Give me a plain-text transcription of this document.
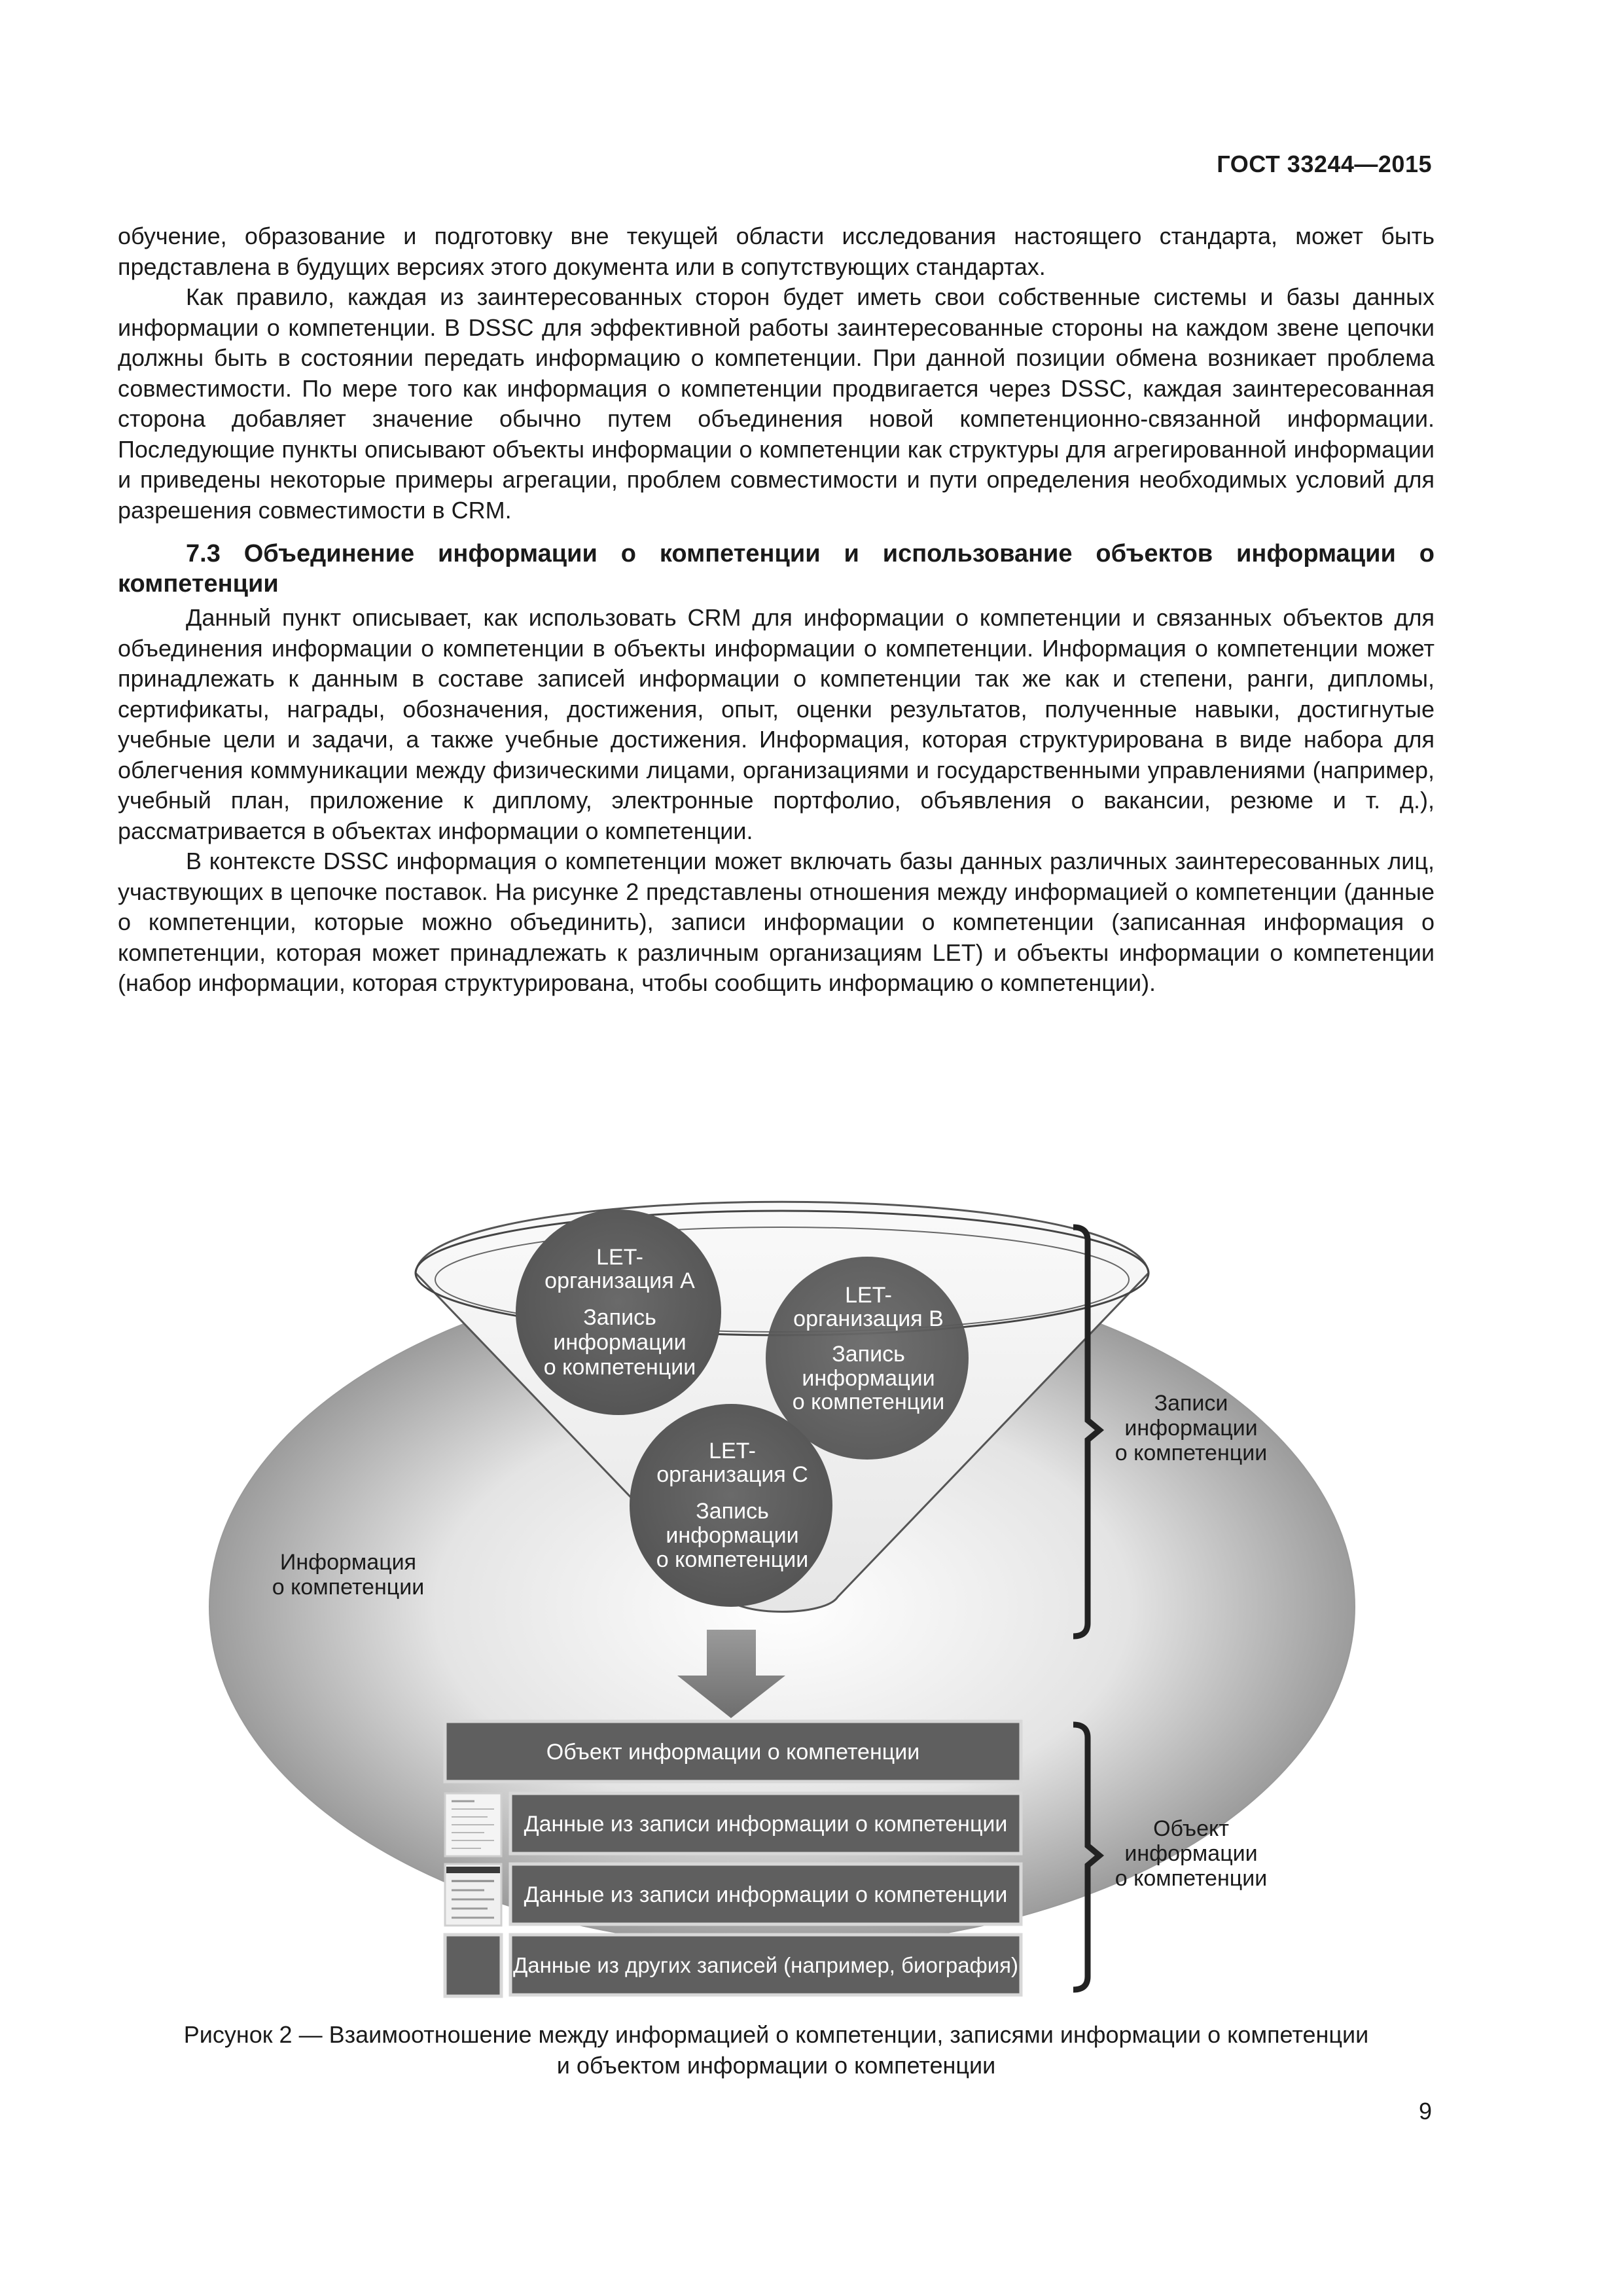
ГОСТ 33244—2015

обучение, образование и подготовку вне текущей области исследования настоящего стандарта, может быть представлена в будущих версиях этого документа или в сопутствующих стандартах.

Как правило, каждая из заинтересованных сторон будет иметь свои собственные системы и базы данных информации о компетенции. В DSSC для эффективной работы заинтересованные стороны на каждом звене цепочки должны быть в состоянии передать информацию о компетенции. При данной позиции обмена возникает проблема совместимости. По мере того как информация о компетенции продвигается через DSSC, каждая заинтересованная сторона добавляет значение обычно путем объединения новой компетенционно-связанной информации. Последующие пункты описывают объекты информации о компетенции как структуры для агрегированной информации и приведены некоторые примеры агрегации, проблем совместимости и пути определения необходимых условий для разрешения совместимости в CRM.

7.3 Объединение информации о компетенции и использование объектов информации о компетенции

Данный пункт описывает, как использовать CRM для информации о компетенции и связанных объектов для объединения информации о компетенции в объекты информации о компетенции. Информация о компетенции может принадлежать к данным в составе записей информации о компетенции так же как и степени, ранги, дипломы, сертификаты, награды, обозначения, достижения, опыт, оценки результатов, полученные навыки, достигнутые учебные цели и задачи, а также учебные достижения. Информация, которая структурирована в виде набора для облегчения коммуникации между физическими лицами, организациями и государственными управлениями (например, учебный план, приложение к диплому, электронные портфолио, объявления о вакансии, резюме и т. д.), рассматривается в объектах информации о компетенции.

В контексте DSSC информация о компетенции может включать базы данных различных заинтересованных лиц, участвующих в цепочке поставок. На рисунке 2 представлены отношения между информацией о компетенции (данные о компетенции, которые можно объединить), записи информации о компетенции (записанная информация о компетенции, которая может принадлежать к различным организациям LET) и объекты информации о компетенции (набор информации, которая структурирована, чтобы сообщить информацию о компетенции).

LET-
организация А
Запись
информации
о компетенции
LET-
организация В
Запись
информации
о компетенции
LET-
организация С
Запись
информации
о компетенции
Информация
о компетенции
Записи
информации
о компетенции
Объект
информации
о компетенции
Объект информации о компетенции
Данные из записи информации о компетенции
Данные из записи информации о компетенции
Данные из других записей (например, биография)
Рисунок 2 — Взаимоотношение между информацией о компетенции, записями информации о компетенции
и объектом информации о компетенции
9
